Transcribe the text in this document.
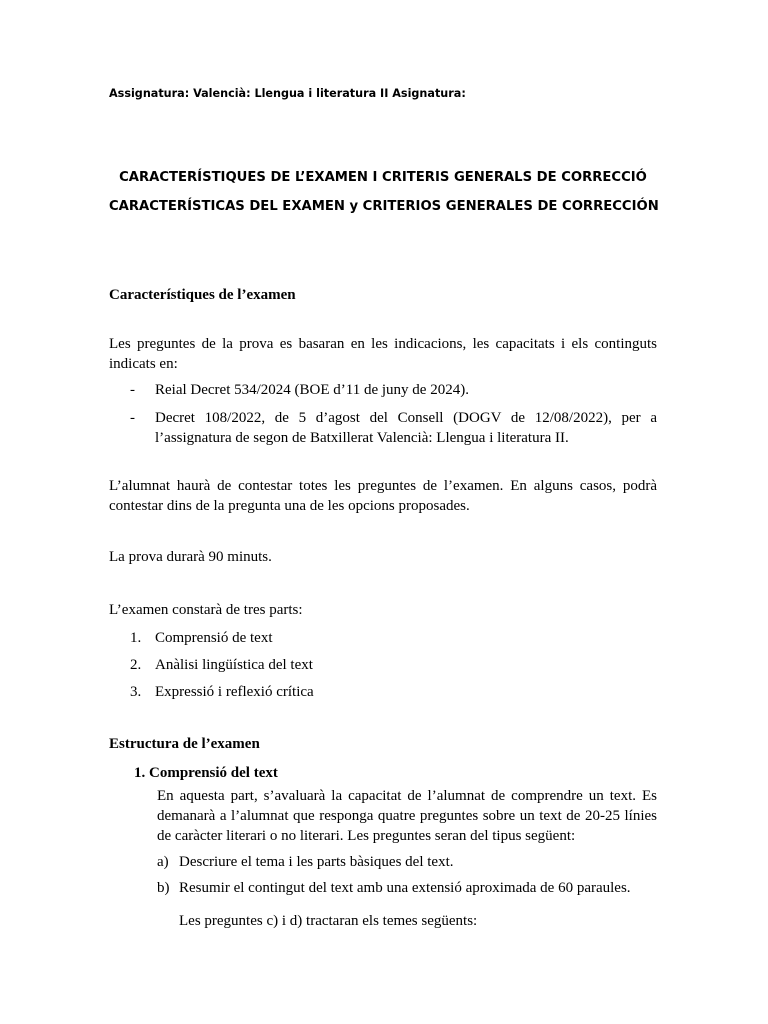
Assignatura: Valencià: Llengua i literatura II Asignatura:
CARACTERÍSTIQUES DE L’EXAMEN I CRITERIS GENERALS DE CORRECCIÓ
CARACTERÍSTICAS DEL EXAMEN y CRITERIOS GENERALES DE CORRECCIÓN
Característiques de l’examen
Les preguntes de la prova es basaran en les indicacions, les capacitats i els continguts indicats en:
-	Reial Decret 534/2024 (BOE d’11 de juny de 2024).
-	Decret 108/2022, de 5 d’agost del Consell (DOGV de 12/08/2022), per a l’assignatura de segon de Batxillerat Valencià: Llengua i literatura II.
L’alumnat haurà de contestar totes les preguntes de l’examen. En alguns casos, podrà contestar dins de la pregunta una de les opcions proposades.
La prova durarà 90 minuts.
L’examen constarà de tres parts:
1. Comprensió de text
2. Anàlisi lingüística del text
3. Expressió i reflexió crítica
Estructura de l’examen
1. Comprensió del text
En aquesta part, s’avaluarà la capacitat de l’alumnat de comprendre un text. Es demanarà a l’alumnat que responga quatre preguntes sobre un text de 20-25 línies de caràcter literari o no literari. Les preguntes seran del tipus següent:
a) Descriure el tema i les parts bàsiques del text.
b) Resumir el contingut del text amb una extensió aproximada de 60 paraules.
Les preguntes c) i d) tractaran els temes següents:
